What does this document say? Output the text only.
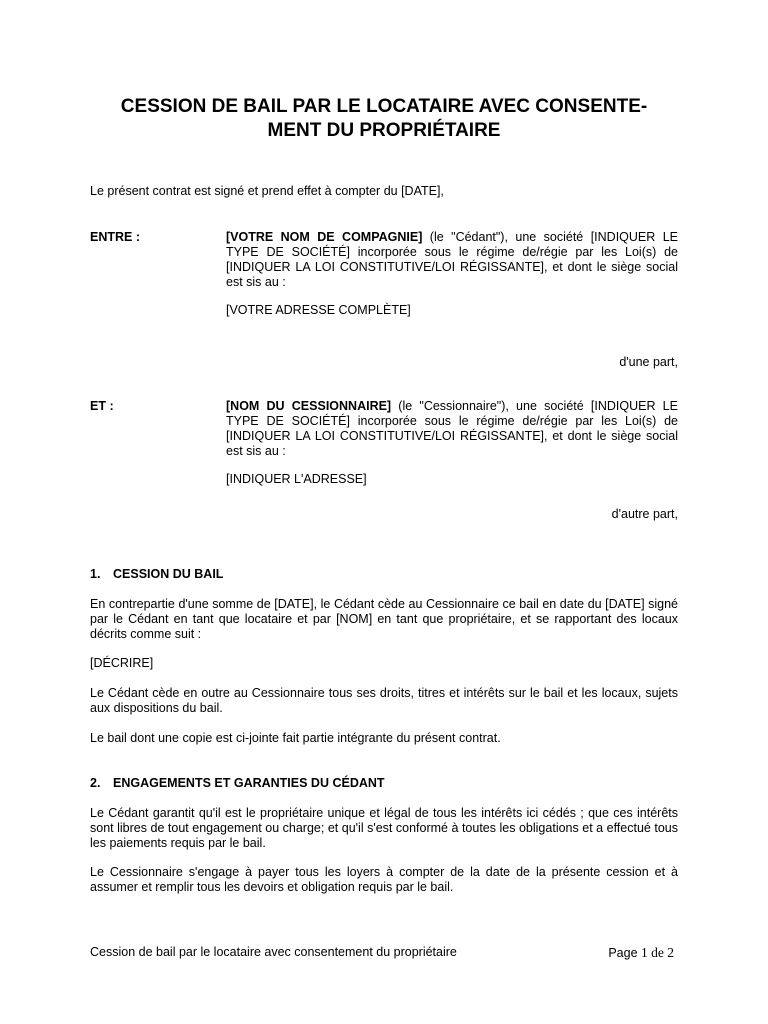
CESSION DE BAIL PAR LE LOCATAIRE AVEC CONSENTE-
MENT DU PROPRIÉTAIRE

Le présent contrat est signé et prend effet à compter du [DATE],

ENTRE :	[VOTRE NOM DE COMPAGNIE] (le "Cédant"), une société [INDIQUER LE TYPE DE SOCIÉTÉ] incorporée sous le régime de/régie par les Loi(s) de [INDIQUER LA LOI CONSTITUTIVE/LOI RÉGISSANTE], et dont le siège social est sis au :

[VOTRE ADRESSE COMPLÈTE]

d'une part,

ET :	[NOM DU CESSIONNAIRE] (le "Cessionnaire"), une société [INDIQUER LE TYPE DE SOCIÉTÉ] incorporée sous le régime de/régie par les Loi(s) de [INDIQUER LA LOI CONSTITUTIVE/LOI RÉGISSANTE], et dont le siège social est sis au :

[INDIQUER L'ADRESSE]

d'autre part,

1. CESSION DU BAIL

En contrepartie d'une somme de [DATE], le Cédant cède au Cessionnaire ce bail en date du [DATE] signé par le Cédant en tant que locataire et par [NOM] en tant que propriétaire, et se rapportant des locaux décrits comme suit :

[DÉCRIRE]

Le Cédant cède en outre au Cessionnaire tous ses droits, titres et intérêts sur le bail et les locaux, sujets aux dispositions du bail.

Le bail dont une copie est ci-jointe fait partie intégrante du présent contrat.

2. ENGAGEMENTS ET GARANTIES DU CÉDANT

Le Cédant garantit qu'il est le propriétaire unique et légal de tous les intérêts ici cédés ; que ces intérêts sont libres de tout engagement ou charge; et qu'il s'est conformé à toutes les obligations et a effectué tous les paiements requis par le bail.

Le Cessionnaire s'engage à payer tous les loyers à compter de la date de la présente cession et à assumer et remplir tous les devoirs et obligation requis par le bail.

Cession de bail par le locataire avec consentement du propriétaire	Page 1 de 2
